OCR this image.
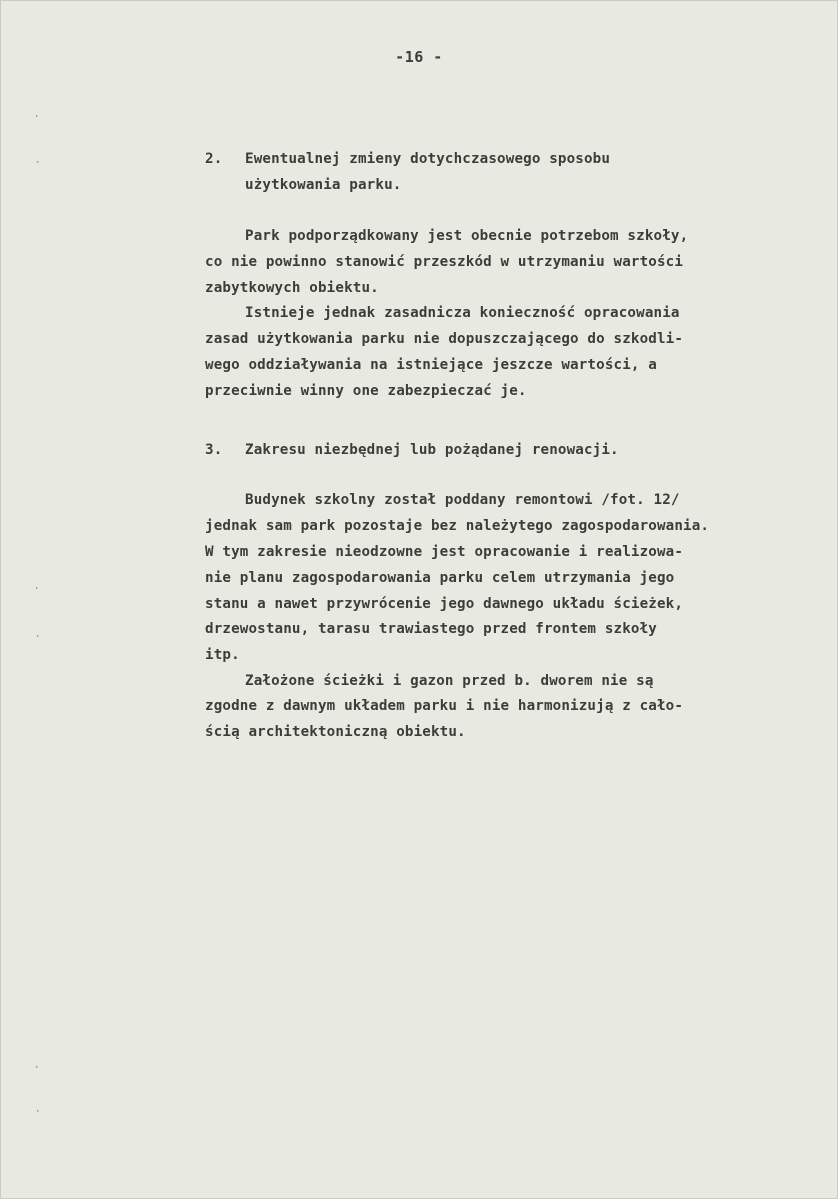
-16 -
·
·
·
·
·
·
2. Ewentualnej zmieny dotychczasowego sposobu
użytkowania parku.
Park podporządkowany jest obecnie potrzebom szkoły,
co nie powinno stanowić przeszkód w utrzymaniu wartości
zabytkowych obiektu.
Istnieje jednak zasadnicza konieczność opracowania
zasad użytkowania parku nie dopuszczającego do szkodli-
wego oddziaływania na istniejące jeszcze wartości, a
przeciwnie winny one zabezpieczać je.
3. Zakresu niezbędnej lub pożądanej renowacji.
Budynek szkolny został poddany remontowi /fot. 12/
jednak sam park pozostaje bez należytego zagospodarowania.
W tym zakresie nieodzowne jest opracowanie i realizowa-
nie planu zagospodarowania parku celem utrzymania jego
stanu a nawet przywrócenie jego dawnego układu ścieżek,
drzewostanu, tarasu trawiastego przed frontem szkoły
itp.
Założone ścieżki i gazon przed b. dworem nie są
zgodne z dawnym układem parku i nie harmonizują z cało-
ścią architektoniczną obiektu.
